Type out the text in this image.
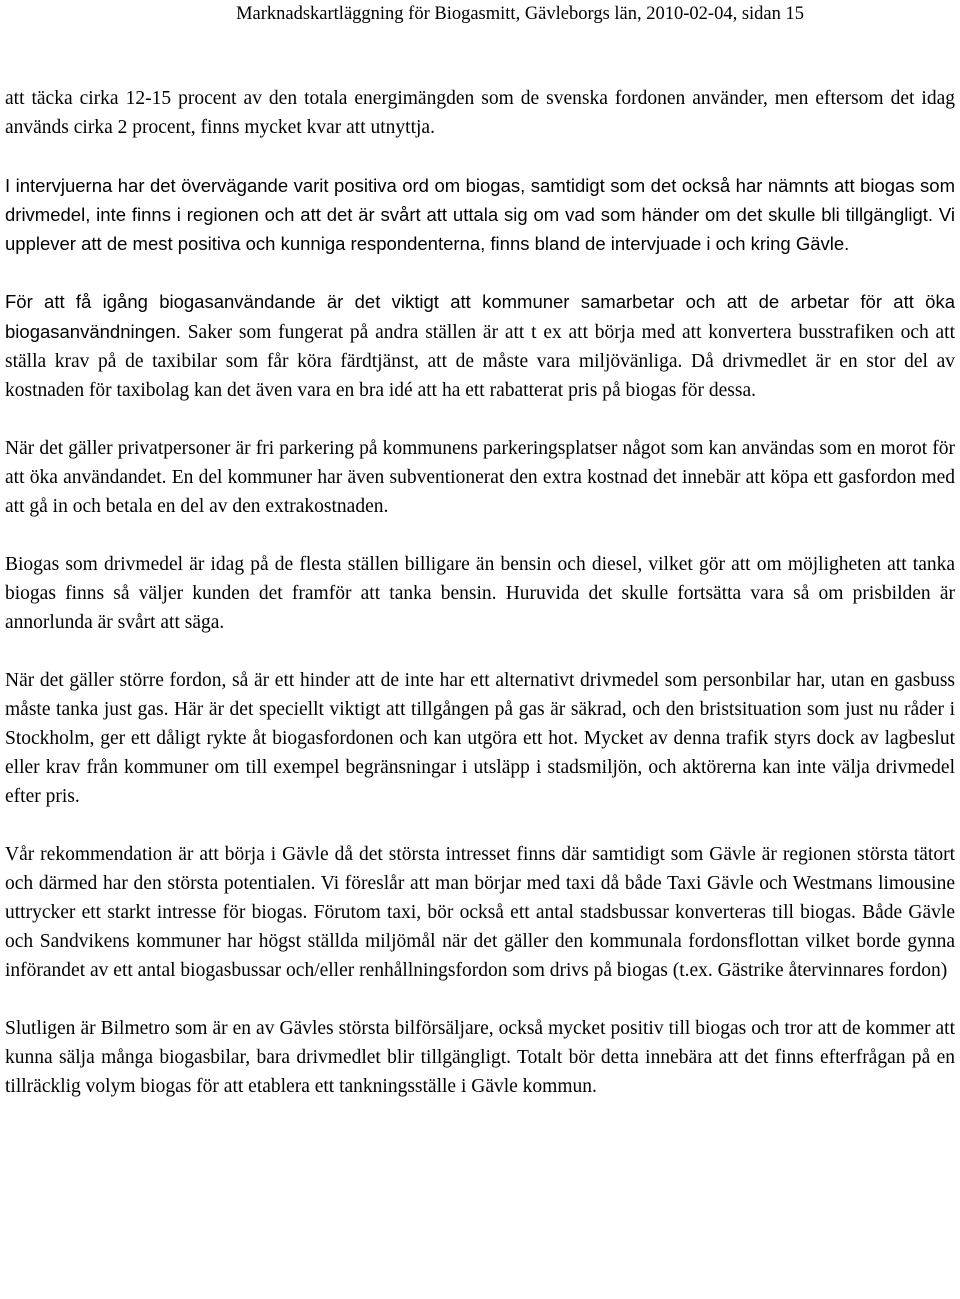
Marknadskartläggning för Biogasmitt, Gävleborgs län, 2010-02-04, sidan 15

att täcka cirka 12-15 procent av den totala energimängden som de svenska fordonen använder, men eftersom det idag används cirka 2 procent, finns mycket kvar att utnyttja.

I intervjuerna har det övervägande varit positiva ord om biogas, samtidigt som det också har nämnts att biogas som drivmedel, inte finns i regionen och att det är svårt att uttala sig om vad som händer om det skulle bli tillgängligt. Vi upplever att de mest positiva och kunniga respondenterna, finns bland de intervjuade i och kring Gävle.

För att få igång biogasanvändande är det viktigt att kommuner samarbetar och att de arbetar för att öka biogasanvändningen. Saker som fungerat på andra ställen är att t ex att börja med att konvertera busstrafiken och att ställa krav på de taxibilar som får köra färdtjänst, att de måste vara miljövänliga. Då drivmedlet är en stor del av kostnaden för taxibolag kan det även vara en bra idé att ha ett rabatterat pris på biogas för dessa.

När det gäller privatpersoner är fri parkering på kommunens parkeringsplatser något som kan användas som en morot för att öka användandet. En del kommuner har även subventionerat den extra kostnad det innebär att köpa ett gasfordon med att gå in och betala en del av den extrakostnaden.

Biogas som drivmedel är idag på de flesta ställen billigare än bensin och diesel, vilket gör att om möjligheten att tanka biogas finns så väljer kunden det framför att tanka bensin. Huruvida det skulle fortsätta vara så om prisbilden är annorlunda är svårt att säga.

När det gäller större fordon, så är ett hinder att de inte har ett alternativt drivmedel som personbilar har, utan en gasbuss måste tanka just gas. Här är det speciellt viktigt att tillgången på gas är säkrad, och den bristsituation som just nu råder i Stockholm, ger ett dåligt rykte åt biogasfordonen och kan utgöra ett hot. Mycket av denna trafik styrs dock av lagbeslut eller krav från kommuner om till exempel begränsningar i utsläpp i stadsmiljön, och aktörerna kan inte välja drivmedel efter pris.

Vår rekommendation är att börja i Gävle då det största intresset finns där samtidigt som Gävle är regionen största tätort och därmed har den största potentialen. Vi föreslår att man börjar med taxi då både Taxi Gävle och Westmans limousine uttrycker ett starkt intresse för biogas. Förutom taxi, bör också ett antal stadsbussar konverteras till biogas. Både Gävle och Sandvikens kommuner har högst ställda miljömål när det gäller den kommunala fordonsflottan vilket borde gynna införandet av ett antal biogasbussar och/eller renhållningsfordon som drivs på biogas (t.ex. Gästrike återvinnares fordon)

Slutligen är Bilmetro som är en av Gävles största bilförsäljare, också mycket positiv till biogas och tror att de kommer att kunna sälja många biogasbilar, bara drivmedlet blir tillgängligt. Totalt bör detta innebära att det finns efterfrågan på en tillräcklig volym biogas för att etablera ett tankningsställe i Gävle kommun.
